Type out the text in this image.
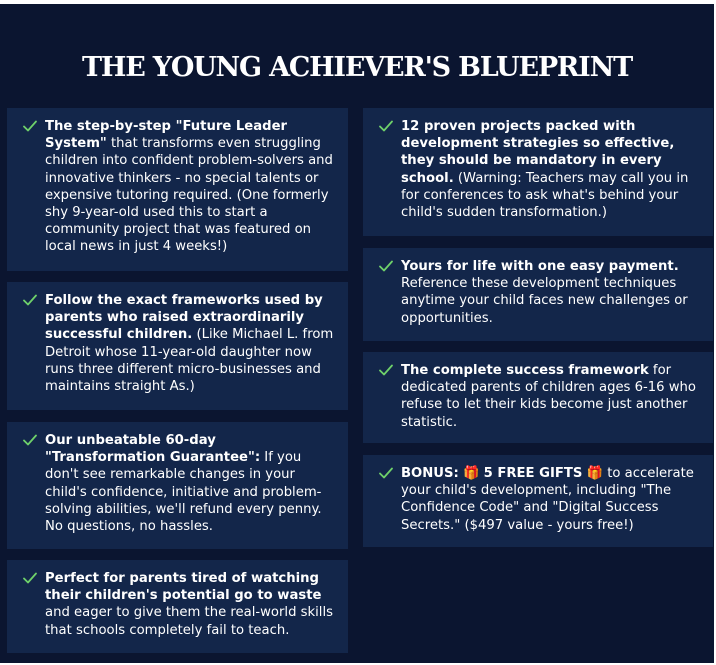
THE YOUNG ACHIEVER'S BLUEPRINT
The step-by-step "Future Leader System" that transforms even struggling children into confident problem-solvers and innovative thinkers - no special talents or expensive tutoring required. (One formerly shy 9-year-old used this to start a community project that was featured on local news in just 4 weeks!)
Follow the exact frameworks used by parents who raised extraordinarily successful children. (Like Michael L. from Detroit whose 11-year-old daughter now runs three different micro-businesses and maintains straight As.)
Our unbeatable 60-day "Transformation Guarantee": If you don't see remarkable changes in your child's confidence, initiative and problem-solving abilities, we'll refund every penny. No questions, no hassles.
Perfect for parents tired of watching their children's potential go to waste and eager to give them the real-world skills that schools completely fail to teach.
12 proven projects packed with development strategies so effective, they should be mandatory in every school. (Warning: Teachers may call you in for conferences to ask what's behind your child's sudden transformation.)
Yours for life with one easy payment. Reference these development techniques anytime your child faces new challenges or opportunities.
The complete success framework for dedicated parents of children ages 6-16 who refuse to let their kids become just another statistic.
BONUS: 🎁 5 FREE GIFTS 🎁 to accelerate your child's development, including "The Confidence Code" and "Digital Success Secrets." ($497 value - yours free!)
